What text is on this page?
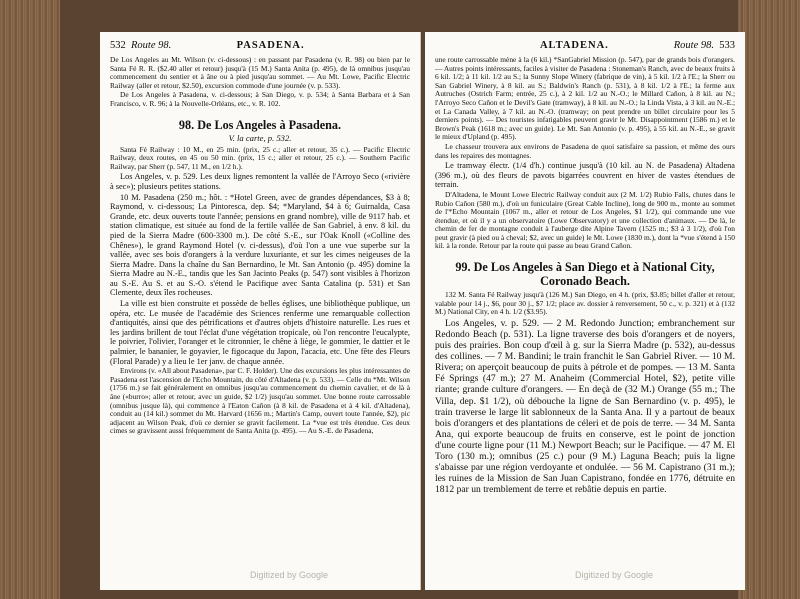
532 Route 98.	PASADENA.

De Los Angeles au Mt. Wilson (v. ci-dessous) : en passant par Pasadena (v. R. 98) ou bien par le Santa Fé R. R. ($2.40 aller et retour) jusqu'à (15 M.) Santa Anita (p. 495), de là omnibus jusqu'au commencement du sentier et à âne ou à pied jusqu'au sommet. — Au Mt. Lowe, Pacific Electric Railway (aller et retour, $2.50), excursion commode d'une journée (v. p. 533).

De Los Angeles à Pasadena, v. ci-dessous; à San Diego, v. p. 534; à Santa Barbara et à San Francisco, v. R. 96; à la Nouvelle-Orléans, etc., v. R. 102.

98. De Los Angeles à Pasadena.
V. la carte, p. 532.

Santa Fé Railway : 10 M., en 25 min. (prix, 25 c.; aller et retour, 35 c.). — Pacific Electric Railway, deux routes, en 45 ou 50 min. (prix, 15 c.; aller et retour, 25 c.). — Southern Pacific Railway, par Sherr (p. 547, 11 M., en 1/2 h.).

Los Angeles, v. p. 529. Les deux lignes remontent la vallée de l'Arroyo Seco («rivière à sec»); plusieurs petites stations.

10 M. Pasadena (250 m.; hôt. : *Hotel Green, avec de grandes dépendances, $3 à 8; Raymond, v. ci-dessous; La Pintoresca, dep. $4; *Maryland, $4 à 6; Guirnalda, Casa Grande, etc. deux ouverts toute l'année; pensions en grand nombre), ville de 9117 hab. et station climatique, est située au fond de la fertile vallée de San Gabriel, à env. 8 kil. du pied de la Sierra Madre (600-3300 m.). De côté S.-E., sur l'Oak Knoll («Colline des Chênes»), le grand Raymond Hotel (v. ci-dessus), d'où l'on a une vue superbe sur la vallée, avec ses bois d'orangers à la verdure luxuriante, et sur les cimes neigeuses de la Sierra Madre. Dans la chaîne du San Bernardino, le Mt. San Antonio (p. 495) domine la Sierra Madre au N.-E., tandis que les San Jacinto Peaks (p. 547) sont visibles à l'horizon au S.-E. Au S. et au S.-O. s'étend le Pacifique avec Santa Catalina (p. 531) et San Clemente, deux îles rocheuses.

La ville est bien construite et possède de belles églises, une bibliothèque publique, un opéra, etc. Le musée de l'académie des Sciences renferme une remarquable collection d'antiquités, ainsi que des pétrifications et d'autres objets d'histoire naturelle. Les rues et les jardins brillent de tout l'éclat d'une végétation tropicale, où l'on rencontre l'eucalypte, le poivrier, l'olivier, l'oranger et le citronnier, le chêne à liège, le gommier, le dattier et le palmier, le bananier, le goyavier, le figocaque du Japon, l'acacia, etc. Une fête des Fleurs (Floral Parade) y a lieu le 1er janv. de chaque année.

Environs (v. «All about Pasadena», par C. F. Holder). Une des excursions les plus intéressantes de Pasadena est l'ascension de l'Echo Mountain, du côté d'Altadena (v. p. 533). — Celle du *Mt. Wilson (1756 m.) se fait généralement en omnibus jusqu'au commencement du chemin cavalier, et de là à âne («burro»; aller et retour, avec un guide, $2 1/2) jusqu'au sommet. Une bonne route carrossable (omnibus jusque là), qui commence à l'Eaton Cañon (à 8 kil. de Pasadena et à 4 kil. d'Altadena), conduit au (14 kil.) sommet du Mt. Harvard (1656 m.; Martin's Camp, ouvert toute l'année, $2), pic adjacent au Wilson Peak, d'où ce dernier se gravit facilement. La *vue est très étendue. Ces deux cimes se gravissent aussi fréquemment de Santa Anita (p. 495). — Au S.-E. de Pasadena,

Digitized by Google
ALTADENA.	Route 98. 533

une route carrossable mène à la (6 kil.) *SanGabriel Mission (p. 547), par de grands bois d'orangers. — Autres points intéressants, faciles à visiter de Pasadena : Stoneman's Ranch, avec de beaux fruits à 6 kil. 1/2; à 11 kil. 1/2 au S.; la Sunny Slope Winery (fabrique de vin), à 5 kil. 1/2 à l'E.; la Sherr ou San Gabriel Winery, à 8 kil. au S.; Baldwin's Ranch (p. 531), à 8 kil. 1/2 à l'E.; la ferme aux Autruches (Ostrich Farm; entrée, 25 c.), à 2 kil. 1/2 au N.-O.; le Millard Cañon, à 8 kil. au N.; l'Arroyo Seco Cañon et le Devil's Gate (tramway), à 8 kil. au N.-O.; la Linda Vista, à 3 kil. au N.-E.; et La Canada Valley, à 7 kil. au N.-O. (tramway; on peut prendre un billet circulaire pour les 5 derniers points). — Des touristes infatigables peuvent gravir le Mt. Disappointment (1586 m.) et le Brown's Peak (1618 m.; avec un guide). Le Mt. San Antonio (v. p. 495), à 55 kil. au N.-E., se gravit le mieux d'Upland (p. 495).

Le chasseur trouvera aux environs de Pasadena de quoi satisfaire sa passion, et même des ours dans les repaires des montagnes.

Le tramway électr. (1/4 d'h.) continue jusqu'à (10 kil. au N. de Pasadena) Altadena (396 m.), où des fleurs de pavots bigarrées couvrent en hiver de vastes étendues de terrain.

D'Altadena, le Mount Lowe Electric Railway conduit aux (2 M. 1/2) Rubio Falls, chutes dans le Rubio Cañon (580 m.), d'où un funiculaire (Great Cable Incline), long de 900 m., monte au sommet de l'*Echo Mountain (1067 m., aller et retour de Los Angeles, $1 1/2), qui commande une vue étendue, et où il y a un observatoire (Lowe Observatory) et une collection d'animaux. — De là, le chemin de fer de montagne conduit à l'auberge dite Alpine Tavern (1525 m.; $3 à 3 1/2), d'où l'on peut gravir (à pied ou à cheval; $2, avec un guide) le Mt. Lowe (1830 m.), dont la *vue s'étend à 150 kil. à la ronde. Retour par la route qui passe au beau Grand Cañon.

99. De Los Angeles à San Diego et à National City, Coronado Beach.

132 M. Santa Fé Railway jusqu'à (126 M.) San Diego, en 4 h. (prix, $3.85; billet d'aller et retour, valable pour 14 j., $6, pour 30 j., $7 1/2; place av. dossier à renversement, 50 c., v. p. 321) et à (132 M.) National City, en 4 h. 1/2 ($3.95).

Los Angeles, v. p. 529. — 2 M. Redondo Junction; embranchement sur Redondo Beach (p. 531). La ligne traverse des bois d'orangers et de noyers, puis des prairies. Bon coup d'œil à g. sur la Sierra Madre (p. 532), au-dessus des collines. — 7 M. Bandini; le train franchit le San Gabriel River. — 10 M. Rivera; on aperçoit beaucoup de puits à pétrole et de pompes. — 13 M. Santa Fé Springs (47 m.); 27 M. Anaheim (Commercial Hotel, $2), petite ville riante; grande culture d'orangers. — En deçà de (32 M.) Orange (55 m.; The Villa, dep. $1 1/2), où débouche la ligne de San Bernardino (v. p. 495), le train traverse le large lit sablonneux de la Santa Ana. Il y a partout de beaux bois d'orangers et des plantations de céleri et de pois de terre. — 34 M. Santa Ana, qui exporte beaucoup de fruits en conserve, est le point de jonction d'une courte ligne pour (11 M.) Newport Beach; sur le Pacifique. — 47 M. El Toro (130 m.); omnibus (25 c.) pour (9 M.) Laguna Beach; puis la ligne s'abaisse par une région verdoyante et ondulée. — 56 M. Capistrano (31 m.); les ruines de la Mission de San Juan Capistrano, fondée en 1776, détruite en 1812 par un tremblement de terre et rebâtie depuis en partie.

Digitized by Google
